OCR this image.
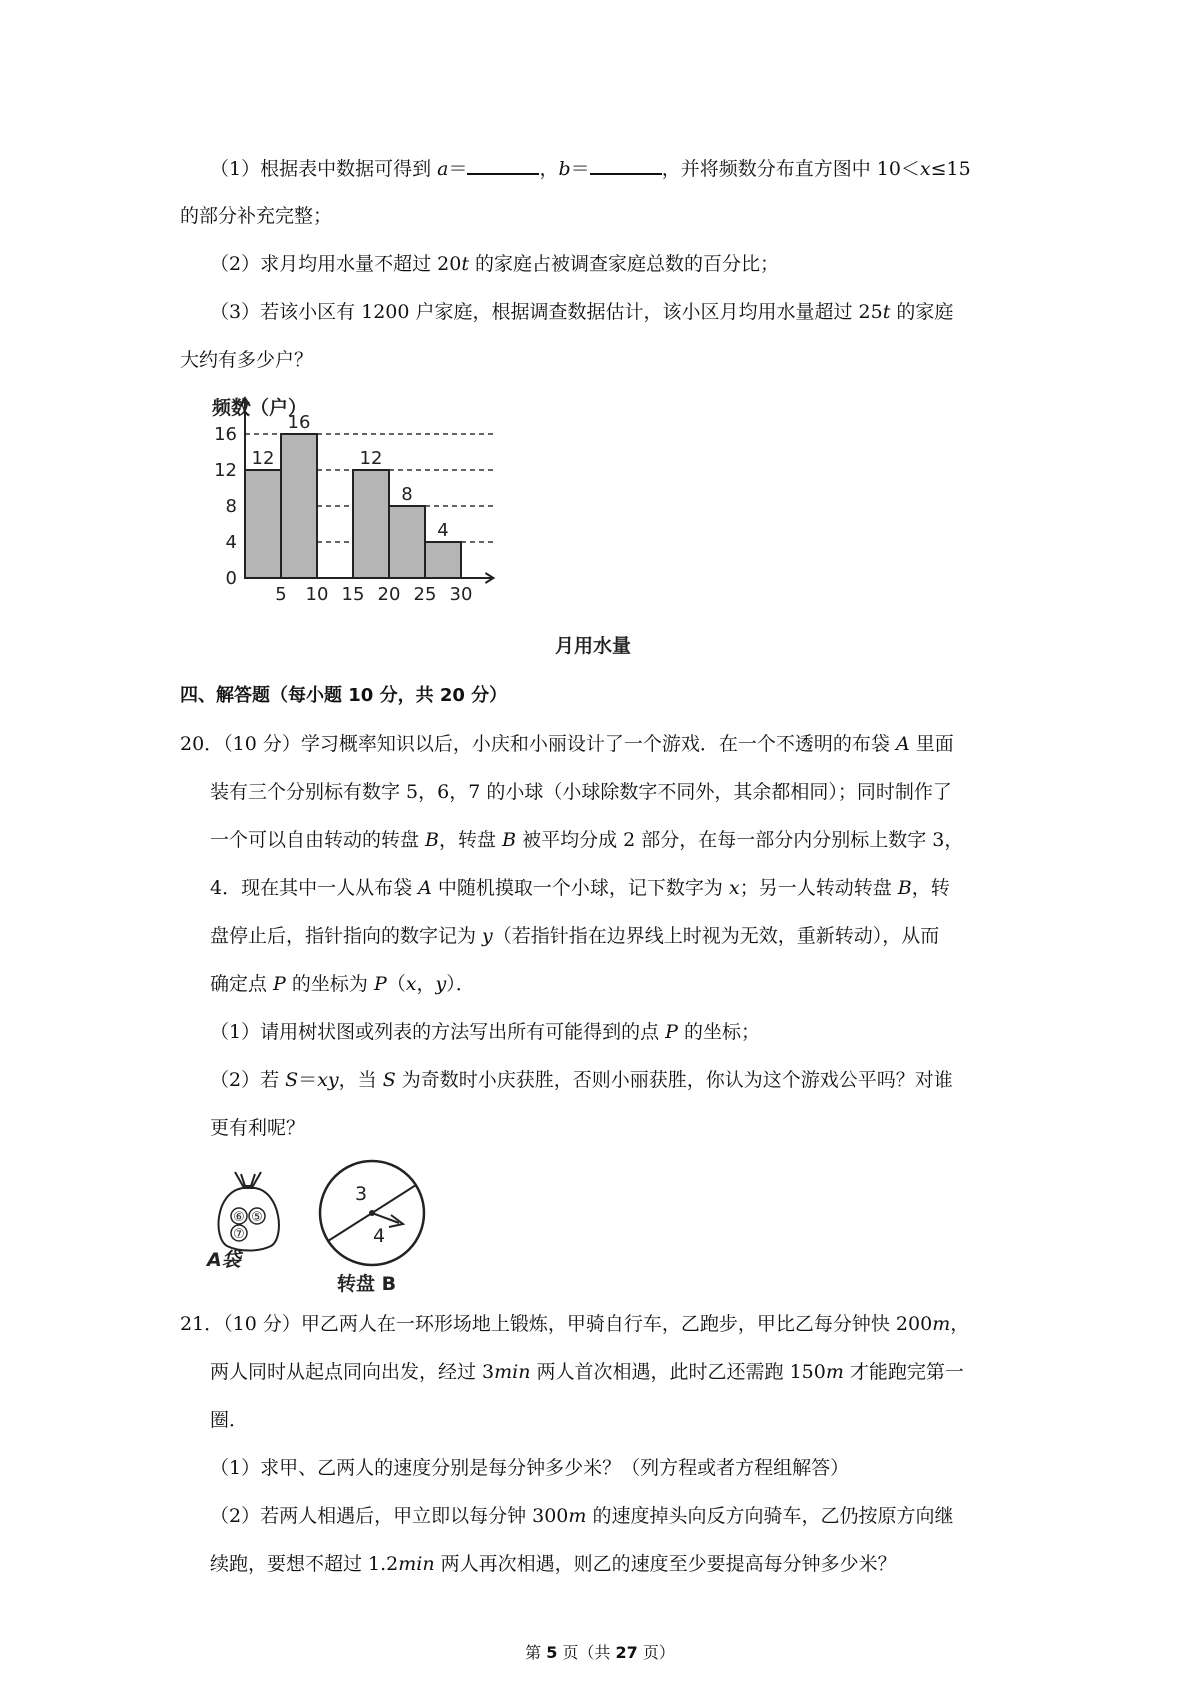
（1）根据表中数据可得到 a＝	，b＝	，并将频数分布直方图中 10＜x≤15
的部分补充完整；
（2）求月均用水量不超过 20t 的家庭占被调查家庭总数的百分比；
（3）若该小区有 1200 户家庭，根据调查数据估计，该小区月均用水量超过 25t 的家庭
大约有多少户？
频数（户）
月用水量
12
16
12
8
4
0
4
8
12
16
5 10 15 20 25 30
四、解答题（每小题 10 分，共 20 分）
20．（10 分）学习概率知识以后，小庆和小丽设计了一个游戏．在一个不透明的布袋 A 里面
装有三个分别标有数字 5，6，7 的小球（小球除数字不同外，其余都相同）；同时制作了
一个可以自由转动的转盘 B，转盘 B 被平均分成 2 部分，在每一部分内分别标上数字 3，
4．现在其中一人从布袋 A 中随机摸取一个小球，记下数字为 x；另一人转动转盘 B，转
盘停止后，指针指向的数字记为 y（若指针指在边界线上时视为无效，重新转动），从而
确定点 P 的坐标为 P（x，y）．
（1）请用树状图或列表的方法写出所有可能得到的点 P 的坐标；
（2）若 S＝xy，当 S 为奇数时小庆获胜，否则小丽获胜，你认为这个游戏公平吗？对谁
更有利呢？
⑥ ⑤
⑦
A袋
3
4
转盘 B
21．（10 分）甲乙两人在一环形场地上锻炼，甲骑自行车，乙跑步，甲比乙每分钟快 200m，
两人同时从起点同向出发，经过 3min 两人首次相遇，此时乙还需跑 150m 才能跑完第一
圈．
（1）求甲、乙两人的速度分别是每分钟多少米？（列方程或者方程组解答）
（2）若两人相遇后，甲立即以每分钟 300m 的速度掉头向反方向骑车，乙仍按原方向继
续跑，要想不超过 1.2min 两人再次相遇，则乙的速度至少要提高每分钟多少米？
第 5 页（共 27 页）
